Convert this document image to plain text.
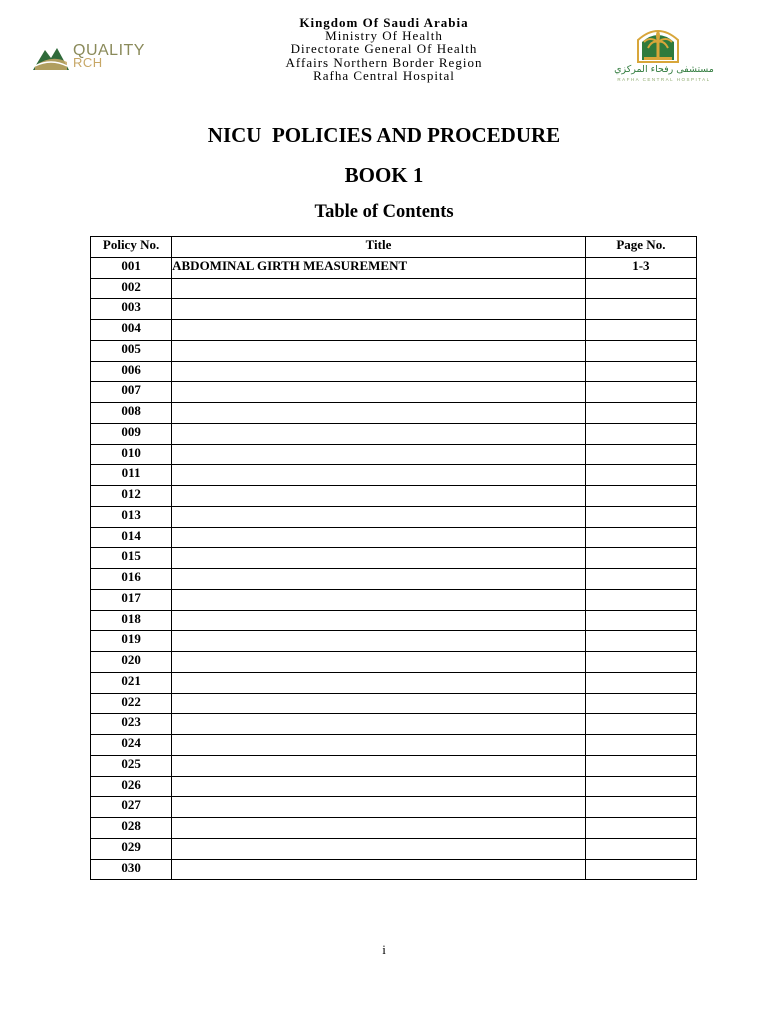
QUALITY
RCH
Kingdom Of Saudi Arabia
Ministry Of Health
Directorate General Of Health
Affairs Northern Border Region
Rafha Central Hospital	مستشفى رفحاء المركزي
RAFHA CENTRAL HOSPITAL
NICU  POLICIES AND PROCEDURE
BOOK 1
Table of Contents
Policy No.	Title	Page No.
001	ABDOMINAL GIRTH MEASUREMENT	1-3
002		
003		
004		
005		
006		
007		
008		
009		
010		
011		
012		
013		
014		
015		
016		
017		
018		
019		
020		
021		
022		
023		
024		
025		
026		
027		
028		
029		
030		
i
